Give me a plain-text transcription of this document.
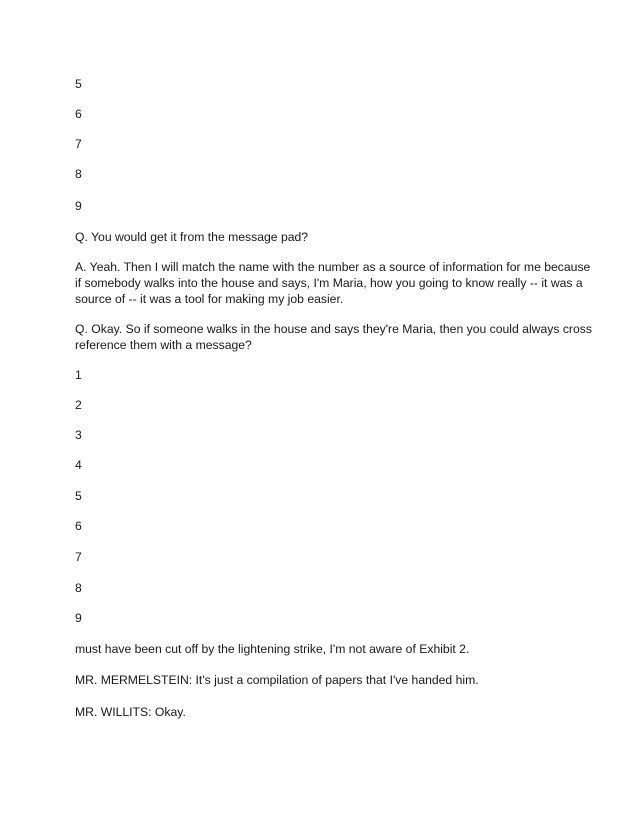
5
6
7
8
9
Q. You would get it from the message pad?
A. Yeah. Then I will match the name with the number as a source of information for me because
if somebody walks into the house and says, I'm Maria, how you going to know really -- it was a
source of -- it was a tool for making my job easier.
Q. Okay. So if someone walks in the house and says they're Maria, then you could always cross
reference them with a message?
1
2
3
4
5
6
7
8
9
must have been cut off by the lightening strike, I'm not aware of Exhibit 2.
MR. MERMELSTEIN: It's just a compilation of papers that I've handed him.
MR. WILLITS: Okay.
